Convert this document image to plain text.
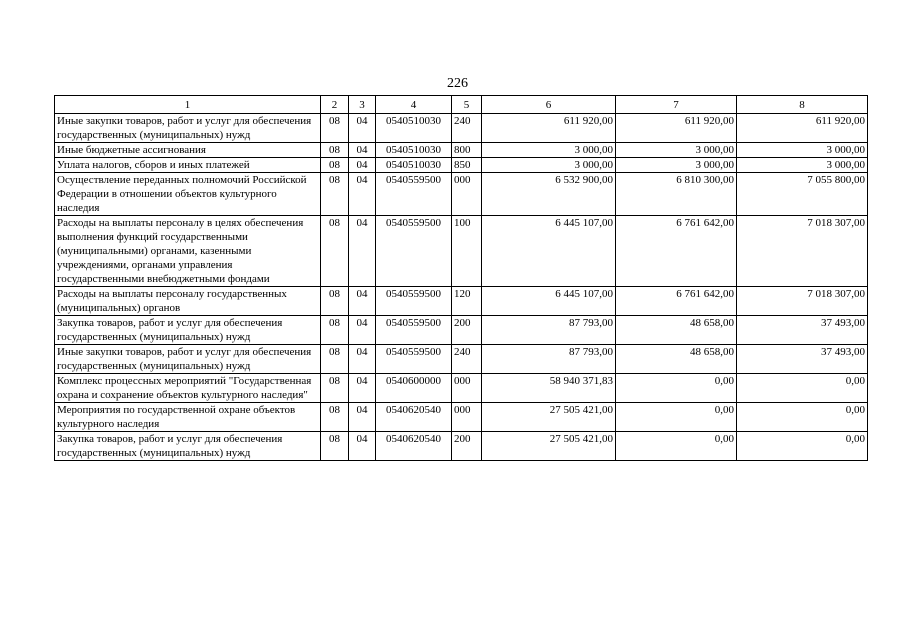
226
1	2	3	4	5	6	7	8
Иные закупки товаров, работ и услуг для обеспечения государственных (муниципальных) нужд	08	04	0540510030	240	611 920,00	611 920,00	611 920,00
Иные бюджетные ассигнования	08	04	0540510030	800	3 000,00	3 000,00	3 000,00
Уплата налогов, сборов и иных платежей	08	04	0540510030	850	3 000,00	3 000,00	3 000,00
Осуществление переданных полномочий Российской Федерации в отношении объектов культурного наследия	08	04	0540559500	000	6 532 900,00	6 810 300,00	7 055 800,00
Расходы на выплаты персоналу в целях обеспечения выполнения функций государственными (муниципальными) органами, казенными учреждениями, органами управления государственными внебюджетными фондами	08	04	0540559500	100	6 445 107,00	6 761 642,00	7 018 307,00
Расходы на выплаты персоналу государственных (муниципальных) органов	08	04	0540559500	120	6 445 107,00	6 761 642,00	7 018 307,00
Закупка товаров, работ и услуг для обеспечения государственных (муниципальных) нужд	08	04	0540559500	200	87 793,00	48 658,00	37 493,00
Иные закупки товаров, работ и услуг для обеспечения государственных (муниципальных) нужд	08	04	0540559500	240	87 793,00	48 658,00	37 493,00
Комплекс процессных мероприятий "Государственная охрана и сохранение объектов культурного наследия"	08	04	0540600000	000	58 940 371,83	0,00	0,00
Мероприятия по государственной охране объектов культурного наследия	08	04	0540620540	000	27 505 421,00	0,00	0,00
Закупка товаров, работ и услуг для обеспечения государственных (муниципальных) нужд	08	04	0540620540	200	27 505 421,00	0,00	0,00
